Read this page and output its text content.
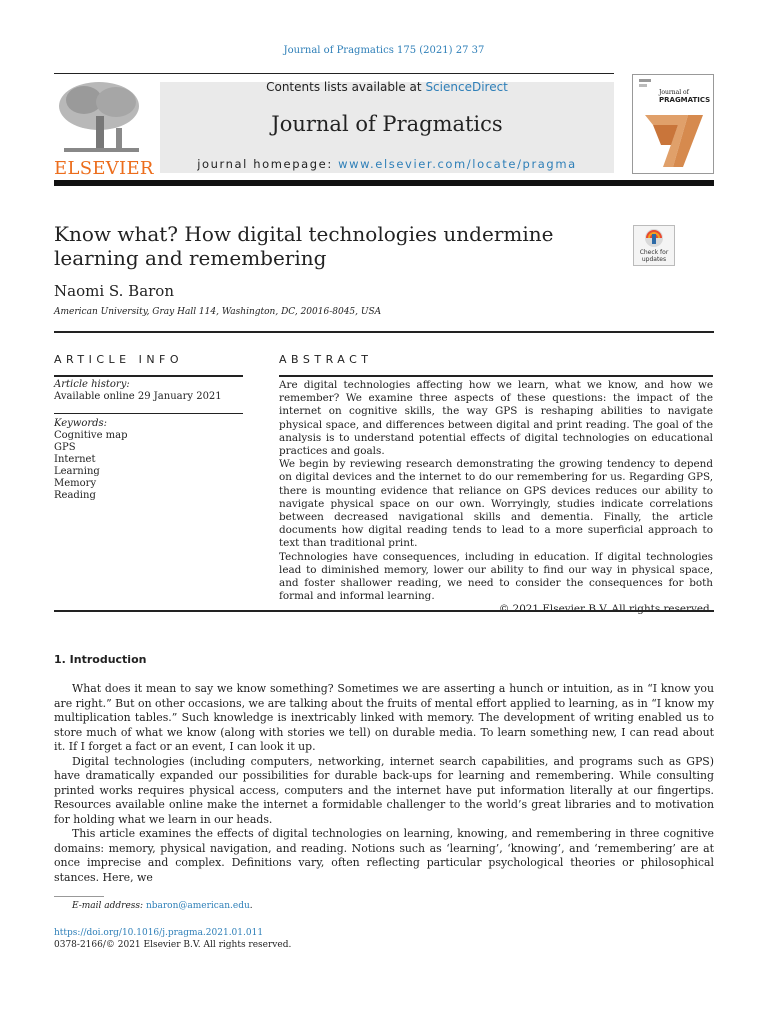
Journal of Pragmatics 175 (2021) 27 37
ELSEVIER
Contents lists available at ScienceDirect
Journal of Pragmatics
journal homepage: www.elsevier.com/locate/pragma
Journal of
PRAGMATICS
Know what? How digital technologies undermine learning and remembering	Check for
updates
Naomi S. Baron
American University, Gray Hall 114, Washington, DC, 20016-8045, USA
ARTICLE INFO
Article history:
Available online 29 January 2021
Keywords:
Cognitive map
GPS
Internet
Learning
Memory
Reading
ABSTRACT

Are digital technologies affecting how we learn, what we know, and how we remember? We examine three aspects of these questions: the impact of the internet on cognitive skills, the way GPS is reshaping abilities to navigate physical space, and differences between digital and print reading. The goal of the analysis is to understand potential effects of digital technologies on educational practices and goals.

We begin by reviewing research demonstrating the growing tendency to depend on digital devices and the internet to do our remembering for us. Regarding GPS, there is mounting evidence that reliance on GPS devices reduces our ability to navigate physical space on our own. Worryingly, studies indicate correlations between decreased navigational skills and dementia. Finally, the article documents how digital reading tends to lead to a more superficial approach to text than traditional print.

Technologies have consequences, including in education. If digital technologies lead to diminished memory, lower our ability to find our way in physical space, and foster shallower reading, we need to consider the consequences for both formal and informal learning.

1. Introduction

What does it mean to say we know something? Sometimes we are asserting a hunch or intuition, as in “I know you are right.” But on other occasions, we are talking about the fruits of mental effort applied to learning, as in “I know my multiplication tables.” Such knowledge is inextricably linked with memory. The development of writing enabled us to store much of what we know (along with stories we tell) on durable media. To learn something new, I can read about it. If I forget a fact or an event, I can look it up.

Digital technologies (including computers, networking, internet search capabilities, and programs such as GPS) have dramatically expanded our possibilities for durable back-ups for learning and remembering. While consulting printed works requires physical access, computers and the internet have put information literally at our fingertips. Resources available online make the internet a formidable challenger to the world’s great libraries and to motivation for holding what we learn in our heads.

This article examines the effects of digital technologies on learning, knowing, and remembering in three cognitive domains: memory, physical navigation, and reading. Notions such as ‘learning’, ‘knowing’, and ‘remembering’ are at once imprecise and complex. Definitions vary, often reflecting particular psychological theories or philosophical stances. Here, we

E-mail address: nbaron@american.edu.
https://doi.org/10.1016/j.pragma.2021.01.011
0378-2166/© 2021 Elsevier B.V. All rights reserved.
